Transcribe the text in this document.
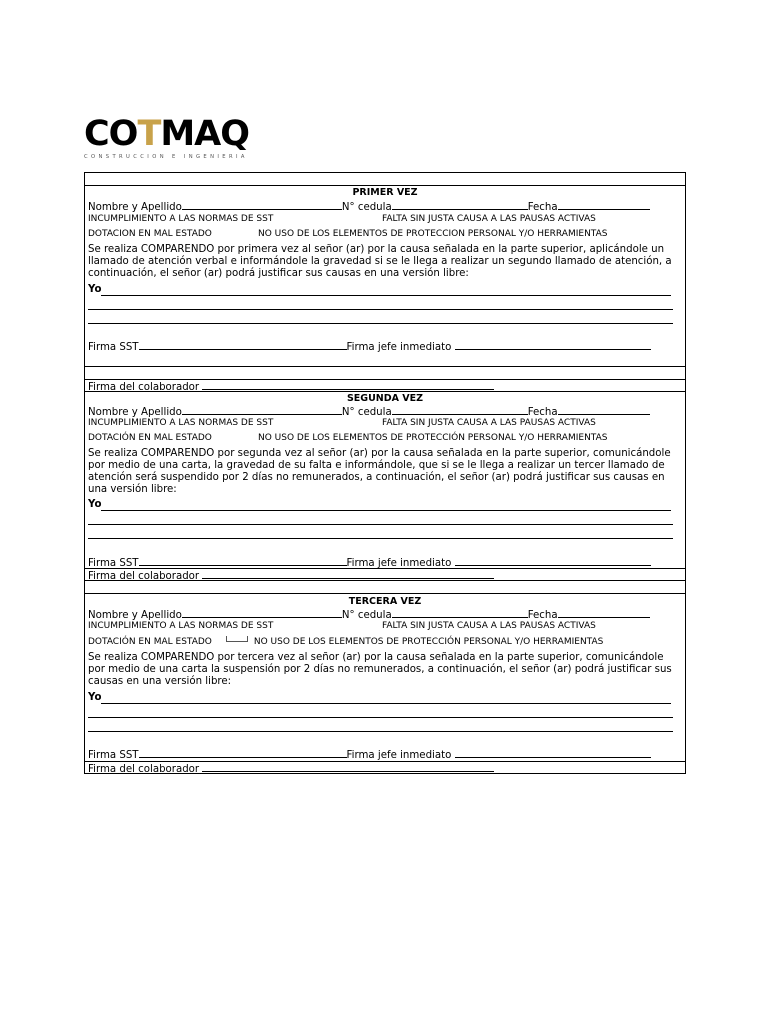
CO T MAQ
CONSTRUCCION E INGENIERIA
PRIMER VEZ
Nombre y Apellido	N° cedula	Fecha
INCUMPLIMIENTO A LAS NORMAS DE SST	FALTA SIN JUSTA CAUSA A LAS PAUSAS ACTIVAS
DOTACION EN MAL ESTADO	NO USO DE LOS ELEMENTOS DE PROTECCION PERSONAL Y/O HERRAMIENTAS
Se realiza COMPARENDO por primera vez al señor (ar) por la causa señalada en la parte superior, aplicándole un llamado de atención verbal e informándole la gravedad si se le llega a realizar un segundo llamado de atención, a continuación, el señor (ar) podrá justificar sus causas en una versión libre:
Yo
Firma SST	Firma jefe inmediato
Firma del colaborador
SEGUNDA VEZ
Nombre y Apellido	N° cedula	Fecha
INCUMPLIMIENTO A LAS NORMAS DE SST	FALTA SIN JUSTA CAUSA A LAS PAUSAS ACTIVAS
DOTACIÓN EN MAL ESTADO	NO USO DE LOS ELEMENTOS DE PROTECCIÓN PERSONAL Y/O HERRAMIENTAS
Se realiza COMPARENDO por segunda vez al señor (ar) por la causa señalada en la parte superior, comunicándole por medio de una carta, la gravedad de su falta e informándole, que si se le llega a realizar un tercer llamado de atención será suspendido por 2 días no remunerados, a continuación, el señor (ar) podrá justificar sus causas en una versión libre:
Yo
Firma SST	Firma jefe inmediato
Firma del colaborador
TERCERA VEZ
Nombre y Apellido	N° cedula	Fecha
INCUMPLIMIENTO A LAS NORMAS DE SST	FALTA SIN JUSTA CAUSA A LAS PAUSAS ACTIVAS
DOTACIÓN EN MAL ESTADO	NO USO DE LOS ELEMENTOS DE PROTECCIÓN PERSONAL Y/O HERRAMIENTAS
Se realiza COMPARENDO por tercera vez al señor (ar) por la causa señalada en la parte superior, comunicándole por medio de una carta la suspensión por 2 días no remunerados, a continuación, el señor (ar) podrá justificar sus causas en una versión libre:
Yo
Firma SST	Firma jefe inmediato
Firma del colaborador
